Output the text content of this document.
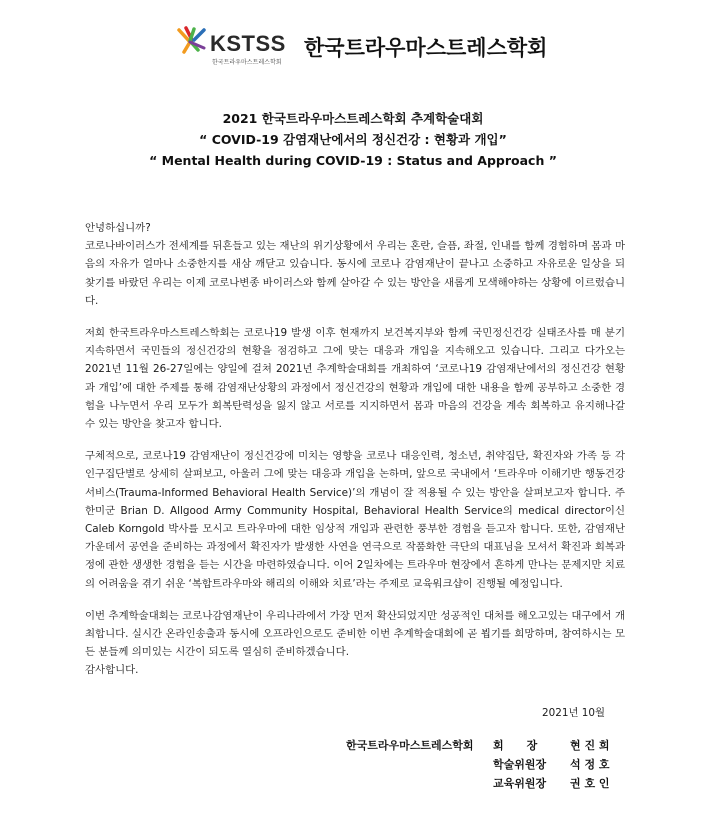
KSTSS
한국트라우마스트레스학회
한국트라우마스트레스학회
2021 한국트라우마스트레스학회 추계학술대회
“ COVID-19 감염재난에서의 정신건강 : 현황과 개입”
“ Mental Health during COVID-19 : Status and Approach ”

안녕하십니까?

코로나바이러스가 전세계를 뒤흔들고 있는 재난의 위기상황에서 우리는 혼란, 슬픔, 좌절, 인내를 함께 경험하며 몸과 마음의 자유가 얼마나 소중한지를 새삼 깨닫고 있습니다. 동시에 코로나 감염재난이 끝나고 소중하고 자유로운 일상을 되찾기를 바랐던 우리는 이제 코로나변종 바이러스와 함께 살아갈 수 있는 방안을 새롭게 모색해야하는 상황에 이르렀습니다.

저희 한국트라우마스트레스학회는 코로나19 발생 이후 현재까지 보건복지부와 함께 국민정신건강 실태조사를 매 분기 지속하면서 국민들의 정신건강의 현황을 점검하고 그에 맞는 대응과 개입을 지속해오고 있습니다. 그리고 다가오는 2021년 11월 26-27일에는 양일에 걸쳐 2021년 추계학술대회를 개최하여 ‘코로나19 감염재난에서의 정신건강 현황과 개입’에 대한 주제를 통해 감염재난상황의 과정에서 정신건강의 현황과 개입에 대한 내용을 함께 공부하고 소중한 경험을 나누면서 우리 모두가 회복탄력성을 잃지 않고 서로를 지지하면서 몸과 마음의 건강을 계속 회복하고 유지해나갈 수 있는 방안을 찾고자 합니다.

구체적으로, 코로나19 감염재난이 정신건강에 미치는 영향을 코로나 대응인력, 청소년, 취약집단, 확진자와 가족 등 각 인구집단별로 상세히 살펴보고, 아울러 그에 맞는 대응과 개입을 논하며, 앞으로 국내에서 ‘트라우마 이해기반 행동건강서비스(Trauma-Informed Behavioral Health Service)’의 개념이 잘 적용될 수 있는 방안을 살펴보고자 합니다. 주한미군 Brian D. Allgood Army Community Hospital, Behavioral Health Service의 medical director이신 Caleb Korngold 박사를 모시고 트라우마에 대한 임상적 개입과 관련한 풍부한 경험을 듣고자 합니다. 또한, 감염재난 가운데서 공연을 준비하는 과정에서 확진자가 발생한 사연을 연극으로 작품화한 극단의 대표님을 모셔서 확진과 회복과정에 관한 생생한 경험을 듣는 시간을 마련하였습니다. 이어 2일차에는 트라우마 현장에서 흔하게 만나는 문제지만 치료의 어려움을 겪기 쉬운 ‘복합트라우마와 해리의 이해와 치료’라는 주제로 교육워크샵이 진행될 예정입니다.

이번 추계학술대회는 코로나감염재난이 우리나라에서 가장 먼저 확산되었지만 성공적인 대처를 해오고있는 대구에서 개최합니다. 실시간 온라인송출과 동시에 오프라인으로도 준비한 이번 추계학술대회에 곧 뵙기를 희망하며, 참여하시는 모든 분들께 의미있는 시간이 되도록 열심히 준비하겠습니다.

감사합니다.

2021년 10월
한국트라우마스트레스학회 회      장	현 진 희
학술위원장 석 정 호
교육위원장 권 호 인
